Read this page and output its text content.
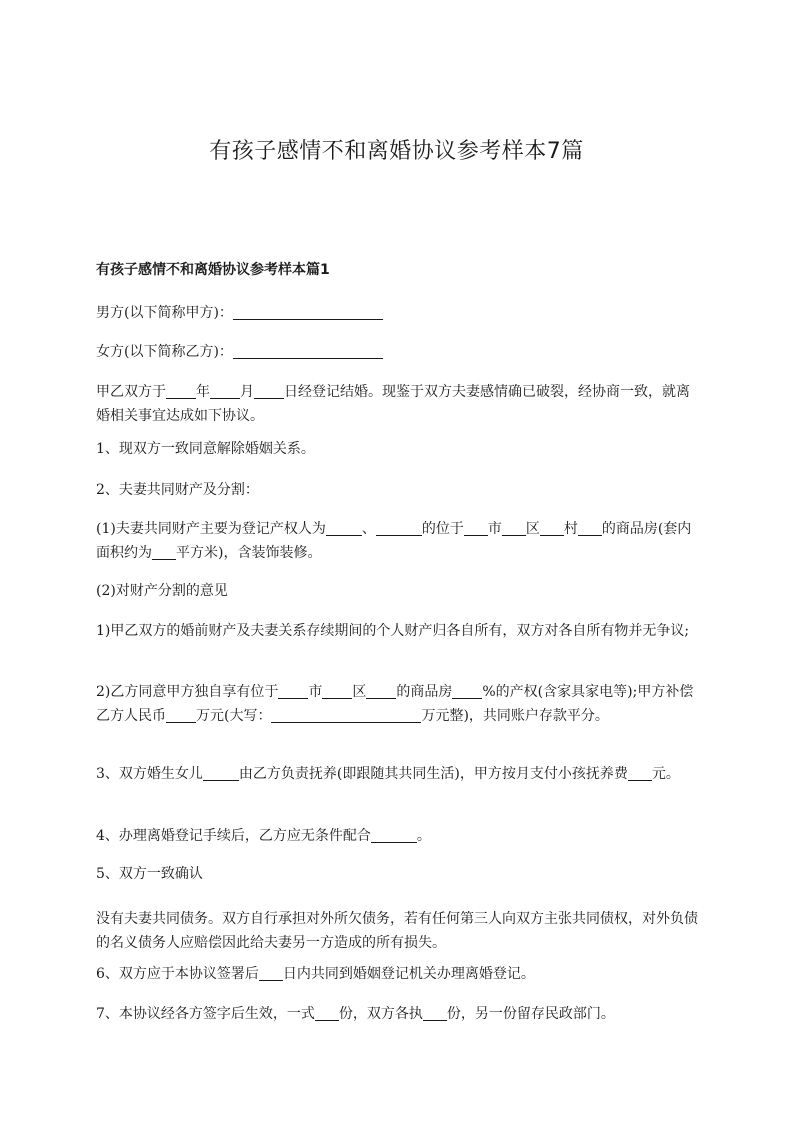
有孩子感情不和离婚协议参考样本7篇
有孩子感情不和离婚协议参考样本篇1
男方(以下简称甲方)：
女方(以下简称乙方)：
甲乙双方于 年 月 日经登记结婚。现鉴于双方夫妻感情确已破裂，经协商一致，就离婚相关事宜达成如下协议。
1、现双方一致同意解除婚姻关系。
2、夫妻共同财产及分割：
(1)夫妻共同财产主要为登记产权人为	、	的位于 市 区 村 的商品房(套内面积约为 平方米)，含装饰装修。
(2)对财产分割的意见
1)甲乙双方的婚前财产及夫妻关系存续期间的个人财产归各自所有，双方对各自所有物并无争议;
2)乙方同意甲方独自享有位于 市 区 的商品房 %的产权(含家具家电等);甲方补偿乙方人民币 万元(大写：	万元整)，共同账户存款平分。
3、双方婚生女儿	由乙方负责抚养(即跟随其共同生活)，甲方按月支付小孩抚养费 元。
4、办理离婚登记手续后，乙方应无条件配合	。
5、双方一致确认
没有夫妻共同债务。双方自行承担对外所欠债务，若有任何第三人向双方主张共同债权，对外负债的名义债务人应赔偿因此给夫妻另一方造成的所有损失。
6、双方应于本协议签署后 日内共同到婚姻登记机关办理离婚登记。
7、本协议经各方签字后生效，一式 份，双方各执 份，另一份留存民政部门。
